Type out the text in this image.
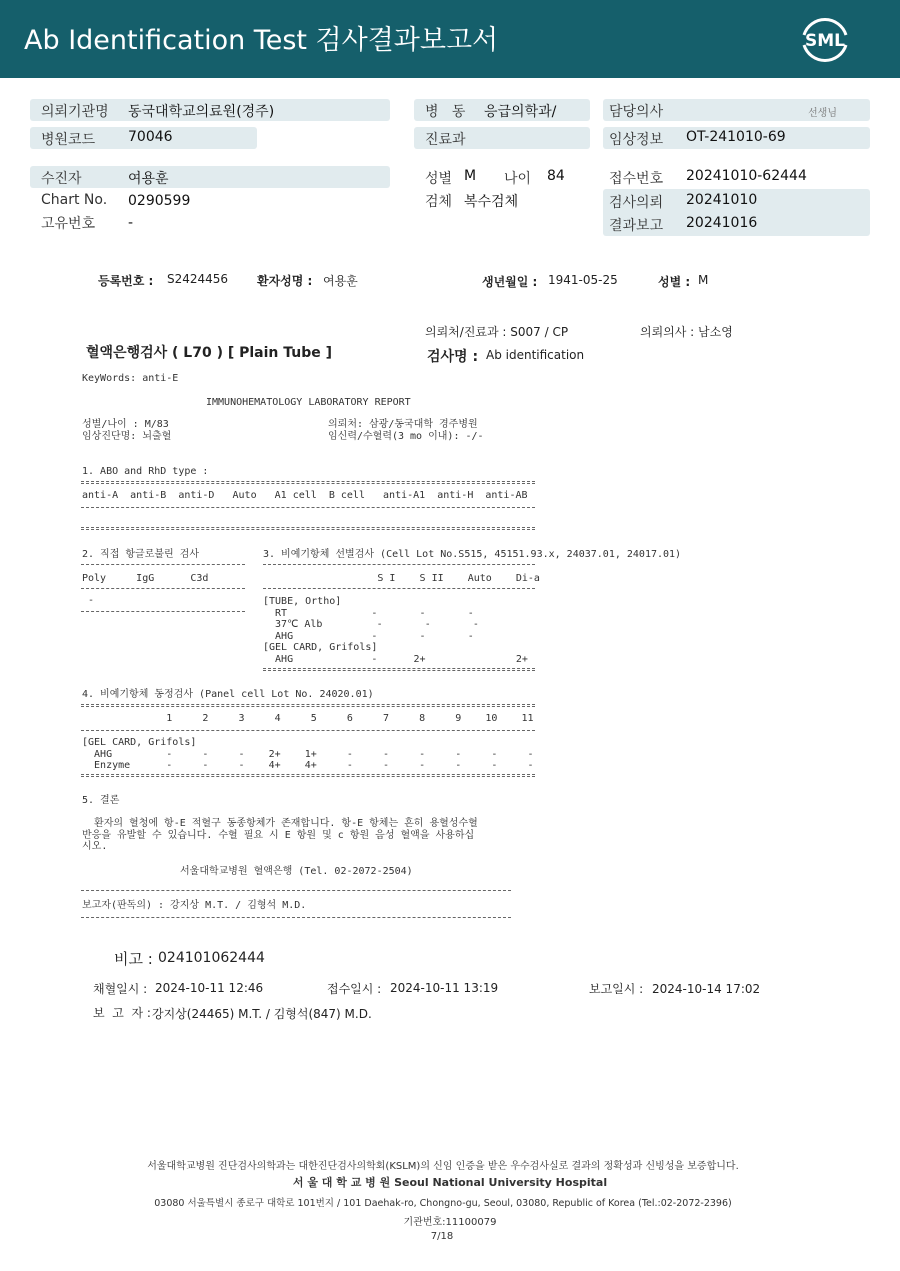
Ab Identification Test 검사결과보고서	SML
의뢰기관명 동국대학교의료원(경주)
병원코드 70046
병   동 응급의학과/
진료과
담당의사	선생님
임상정보 OT-241010-69
수진자	여용훈
Chart No. 0290599
고유번호 -
성별 M 나이 84
검체 복수검체
접수번호 20241010-62444
검사의뢰 20241010
결과보고 20241016
등록번호 : S2424456 환자성명 : 여용훈	생년월일 : 1941-05-25	성별 : M
의뢰처/진료과 : S007 / CP	의뢰의사 : 남소영
혈액은행검사 ( L70 ) [ Plain Tube ]	검사명 : Ab identification
KeyWords: anti-E
IMMUNOHEMATOLOGY LABORATORY REPORT
성별/나이 : M/83
임상진단명: 뇌출혈
의뢰처: 삼광/동국대학 경주병원
임신력/수혈력(3 mo 이내): -/-
1. ABO and RhD type :
anti-A  anti-B  anti-D   Auto   A1 cell  B cell   anti-A1  anti-H  anti-AB
2. 직접 항글로불린 검사
Poly     IgG      C3d
-
3. 비예기항체 선별검사 (Cell Lot No.S515, 45151.93.x, 24037.01, 24017.01)
S I    S II    Auto    Di-a
[TUBE, Ortho]
RT              -       -       -
37℃ Alb         -       -       -
AHG             -       -       -
[GEL CARD, Grifols]
AHG             -      2+               2+
4. 비예기항체 동정검사 (Panel cell Lot No. 24020.01)
1     2     3     4     5     6     7     8     9    10    11
[GEL CARD, Grifols]
AHG         -     -     -    2+    1+     -     -     -     -     -     -
Enzyme      -     -     -    4+    4+     -     -     -     -     -     -
5. 결론
환자의 혈청에 항-E 적혈구 동종항체가 존재합니다. 항-E 항체는 흔히 용혈성수혈
반응을 유발할 수 있습니다. 수혈 필요 시 E 항원 및 c 항원 음성 혈액을 사용하십
시오.
서울대학교병원 혈액은행 (Tel. 02-2072-2504)
보고자(판독의) : 강지상 M.T. / 김형석 M.D.
비고 : 024101062444
채혈일시 : 2024-10-11 12:46	접수일시 : 2024-10-11 13:19	보고일시 : 2024-10-14 17:02
보  고  자 : 강지상(24465) M.T. / 김형석(847) M.D.
서울대학교병원 진단검사의학과는 대한진단검사의학회(KSLM)의 신임 인증을 받은 우수검사실로 결과의 정확성과 신빙성을 보증합니다.
서 울 대 학 교 병 원 Seoul National University Hospital
03080 서울특별시 종로구 대학로 101번지 / 101 Daehak-ro, Chongno-gu, Seoul, 03080, Republic of Korea (Tel.:02-2072-2396)
기관번호:11100079
7/18
